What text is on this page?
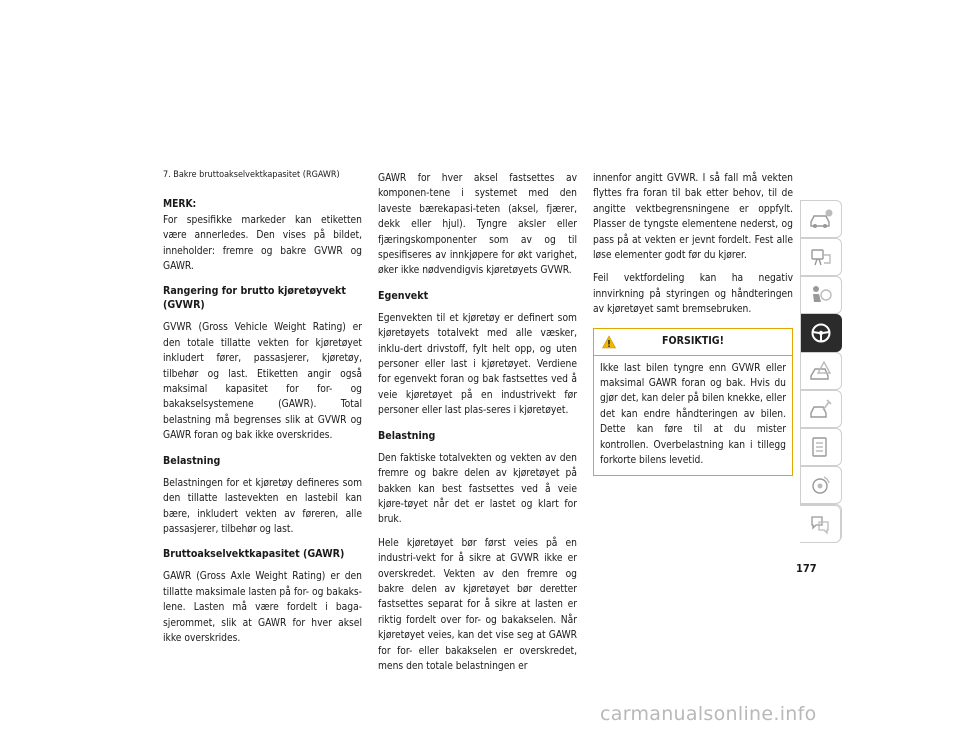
7. Bakre bruttoakselvektkapasitet (RGAWR)

MERK:

For spesifikke markeder kan etiketten være annerledes. Den vises på bildet, inneholder: fremre og bakre GVWR og GAWR.

Rangering for brutto kjøretøyvekt (GVWR)

GVWR (Gross Vehicle Weight Rating) er den totale tillatte vekten for kjøretøyet inkludert fører, passasjerer, kjøretøy, tilbehør og last. Etiketten angir også maksimal kapasitet for for- og bakakselsystemene (GAWR). Total belastning må begrenses slik at GVWR og GAWR foran og bak ikke overskrides.

Belastning

Belastningen for et kjøretøy defineres som den tillatte lastevekten en lastebil kan bære, inkludert vekten av føreren, alle passasjerer, tilbehør og last.

Bruttoakselvektkapasitet (GAWR)

GAWR (Gross Axle Weight Rating) er den tillatte maksimale lasten på for- og bakaks-lene. Lasten må være fordelt i baga-sjerommet, slik at GAWR for hver aksel ikke overskrides.

GAWR for hver aksel fastsettes av komponen-tene i systemet med den laveste bærekapasi-teten (aksel, fjærer, dekk eller hjul). Tyngre aksler eller fjæringskomponenter som av og til spesifiseres av innkjøpere for økt varighet, øker ikke nødvendigvis kjøretøyets GVWR.

Egenvekt

Egenvekten til et kjøretøy er definert som kjøretøyets totalvekt med alle væsker, inklu-dert drivstoff, fylt helt opp, og uten personer eller last i kjøretøyet. Verdiene for egenvekt foran og bak fastsettes ved å veie kjøretøyet på en industrivekt før personer eller last plas-seres i kjøretøyet.

Belastning

Den faktiske totalvekten og vekten av den fremre og bakre delen av kjøretøyet på bakken kan best fastsettes ved å veie kjøre-tøyet når det er lastet og klart for bruk.

Hele kjøretøyet bør først veies på en industri-vekt for å sikre at GVWR ikke er overskredet. Vekten av den fremre og bakre delen av kjøretøyet bør deretter fastsettes separat for å sikre at lasten er riktig fordelt over for- og bakakselen. Når kjøretøyet veies, kan det vise seg at GAWR for for- eller bakakselen er overskredet, mens den totale belastningen er

innenfor angitt GVWR. I så fall må vekten flyttes fra foran til bak etter behov, til de angitte vektbegrensningene er oppfylt. Plasser de tyngste elementene nederst, og pass på at vekten er jevnt fordelt. Fest alle løse elementer godt før du kjører.

Feil vektfordeling kan ha negativ innvirkning på styringen og håndteringen av kjøretøyet samt bremsebruken.

FORSIKTIG!
Ikke last bilen tyngre enn GVWR eller maksimal GAWR foran og bak. Hvis du gjør det, kan deler på bilen knekke, eller det kan endre håndteringen av bilen. Dette kan føre til at du mister kontrollen. Overbelastning kan i tillegg forkorte bilens levetid.
177
carmanualsonline.info
